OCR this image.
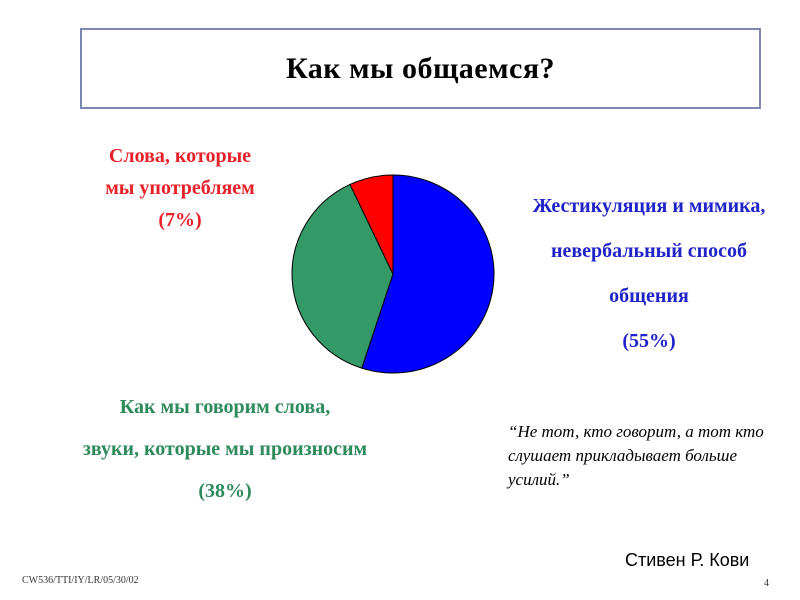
Как мы общаемся?
Слова, которые
мы употребляем
(7%)
Жестикуляция и мимика,
невербальный способ
общения
(55%)
Как мы говорим слова,
звуки, которые мы произносим
(38%)
“Не тот, кто говорит, а тот кто слушает прикладывает больше усилий.”
Стивен Р. Кови
CW536/TTI/IY/LR/05/30/02	4
